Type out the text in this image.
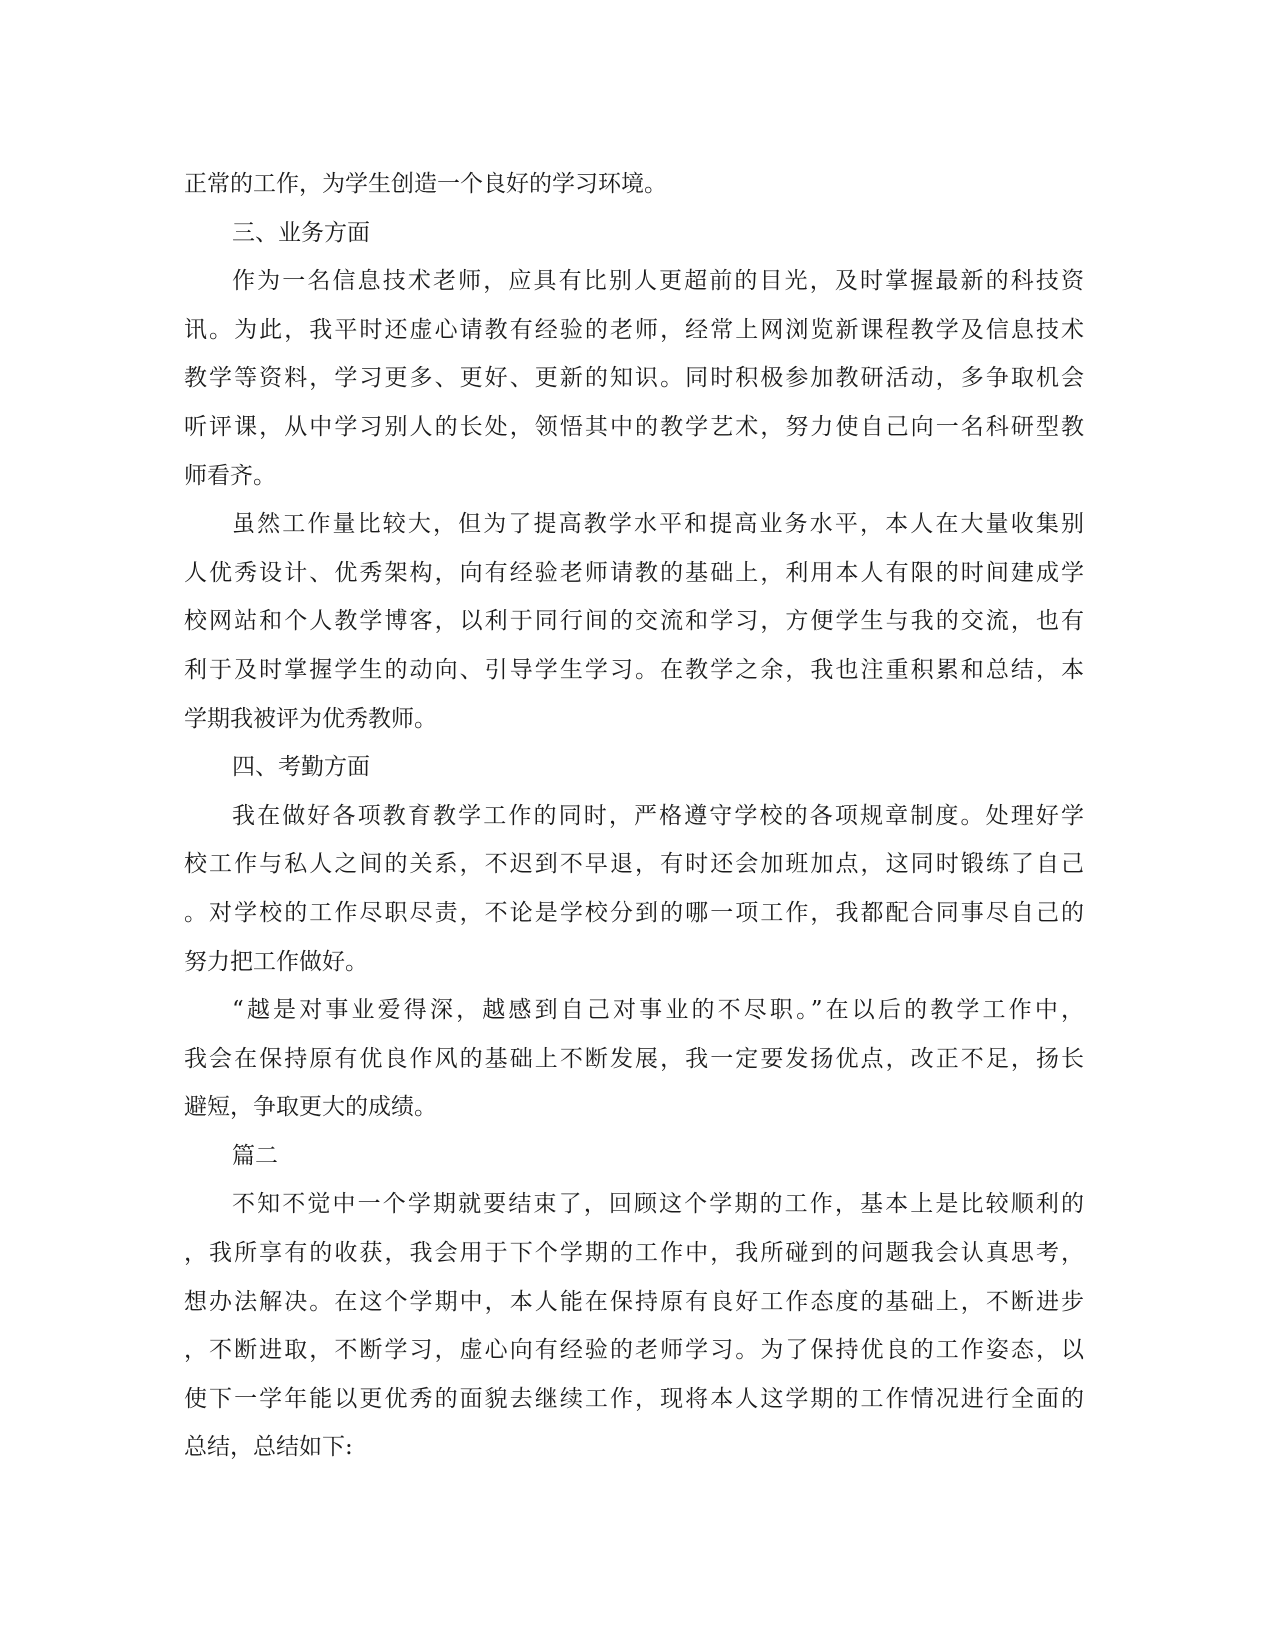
正常的工作，为学生创造一个良好的学习环境。
三、业务方面
作为一名信息技术老师，应具有比别人更超前的目光，及时掌握最新的科技资
讯。为此，我平时还虚心请教有经验的老师，经常上网浏览新课程教学及信息技术
教学等资料，学习更多、更好、更新的知识。同时积极参加教研活动，多争取机会
听评课，从中学习别人的长处，领悟其中的教学艺术，努力使自己向一名科研型教
师看齐。
虽然工作量比较大，但为了提高教学水平和提高业务水平，本人在大量收集别
人优秀设计、优秀架构，向有经验老师请教的基础上，利用本人有限的时间建成学
校网站和个人教学博客，以利于同行间的交流和学习，方便学生与我的交流，也有
利于及时掌握学生的动向、引导学生学习。在教学之余，我也注重积累和总结，本
学期我被评为优秀教师。
四、考勤方面
我在做好各项教育教学工作的同时，严格遵守学校的各项规章制度。处理好学
校工作与私人之间的关系，不迟到不早退，有时还会加班加点，这同时锻练了自己
。对学校的工作尽职尽责，不论是学校分到的哪一项工作，我都配合同事尽自己的
努力把工作做好。
“越是对事业爱得深，越感到自己对事业的不尽职。”在以后的教学工作中，
我会在保持原有优良作风的基础上不断发展，我一定要发扬优点，改正不足，扬长
避短，争取更大的成绩。
篇二
不知不觉中一个学期就要结束了，回顾这个学期的工作，基本上是比较顺利的
，我所享有的收获，我会用于下个学期的工作中，我所碰到的问题我会认真思考，
想办法解决。在这个学期中，本人能在保持原有良好工作态度的基础上，不断进步
，不断进取，不断学习，虚心向有经验的老师学习。为了保持优良的工作姿态，以
使下一学年能以更优秀的面貌去继续工作，现将本人这学期的工作情况进行全面的
总结，总结如下:
